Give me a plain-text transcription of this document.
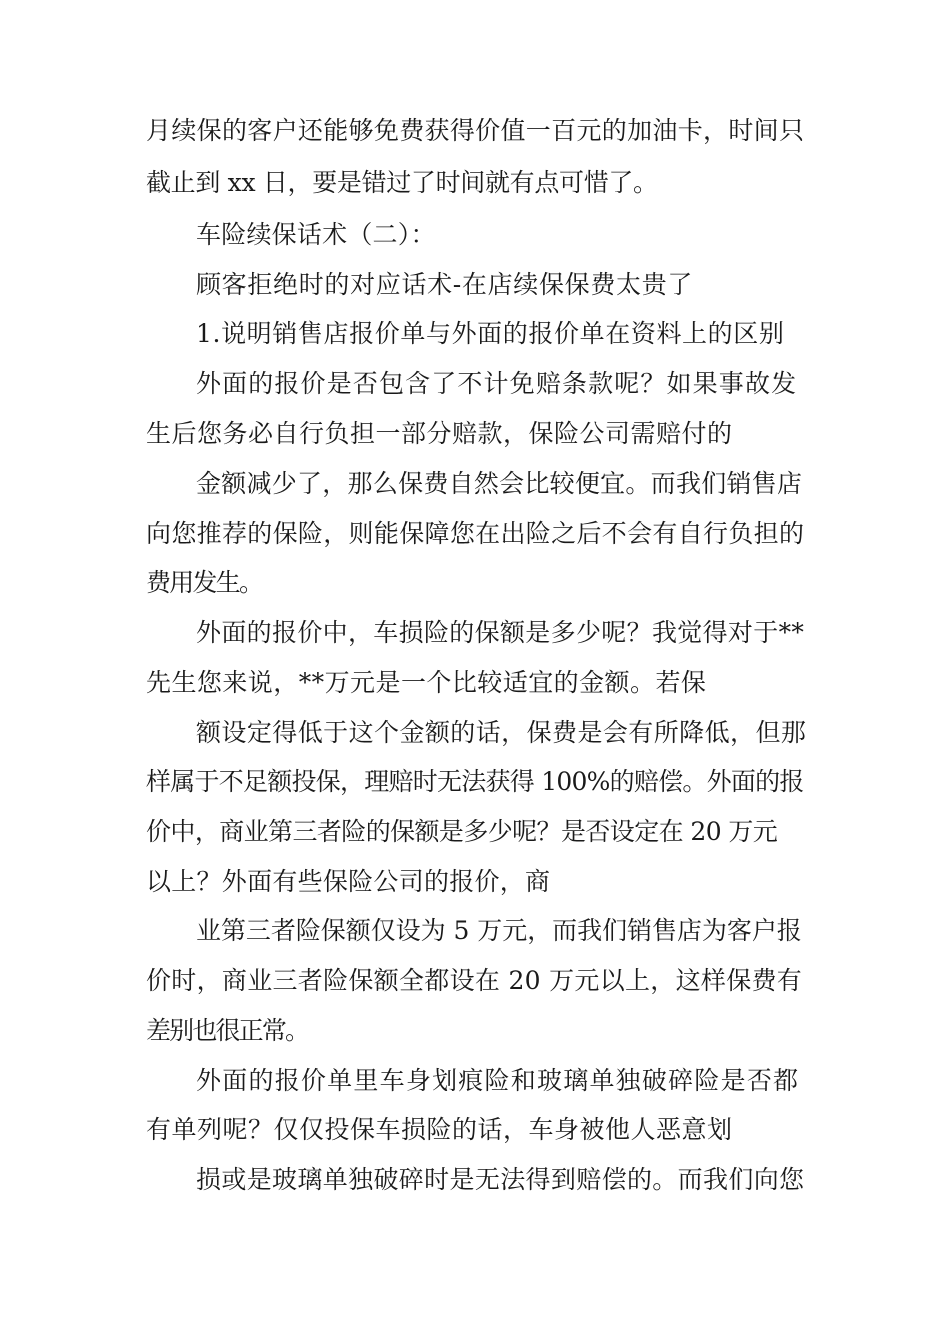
月续保的客户还能够免费获得价值一百元的加油卡，时间只
截止到 xx 日，要是错过了时间就有点可惜了。
车险续保话术（二）：
顾客拒绝时的对应话术-在店续保保费太贵了
1.说明销售店报价单与外面的报价单在资料上的区别
外面的报价是否包含了不计免赔条款呢？如果事故发
生后您务必自行负担一部分赔款，保险公司需赔付的
金额减少了，那么保费自然会比较便宜。而我们销售店
向您推荐的保险，则能保障您在出险之后不会有自行负担的
费用发生。
外面的报价中，车损险的保额是多少呢？我觉得对于**
先生您来说，**万元是一个比较适宜的金额。若保
额设定得低于这个金额的话，保费是会有所降低，但那
样属于不足额投保，理赔时无法获得 100%的赔偿。外面的报
价中，商业第三者险的保额是多少呢？是否设定在 20 万元
以上？外面有些保险公司的报价，商
业第三者险保额仅设为 5 万元，而我们销售店为客户报
价时，商业三者险保额全都设在 20 万元以上，这样保费有
差别也很正常。
外面的报价单里车身划痕险和玻璃单独破碎险是否都
有单列呢？仅仅投保车损险的话，车身被他人恶意划
损或是玻璃单独破碎时是无法得到赔偿的。而我们向您
